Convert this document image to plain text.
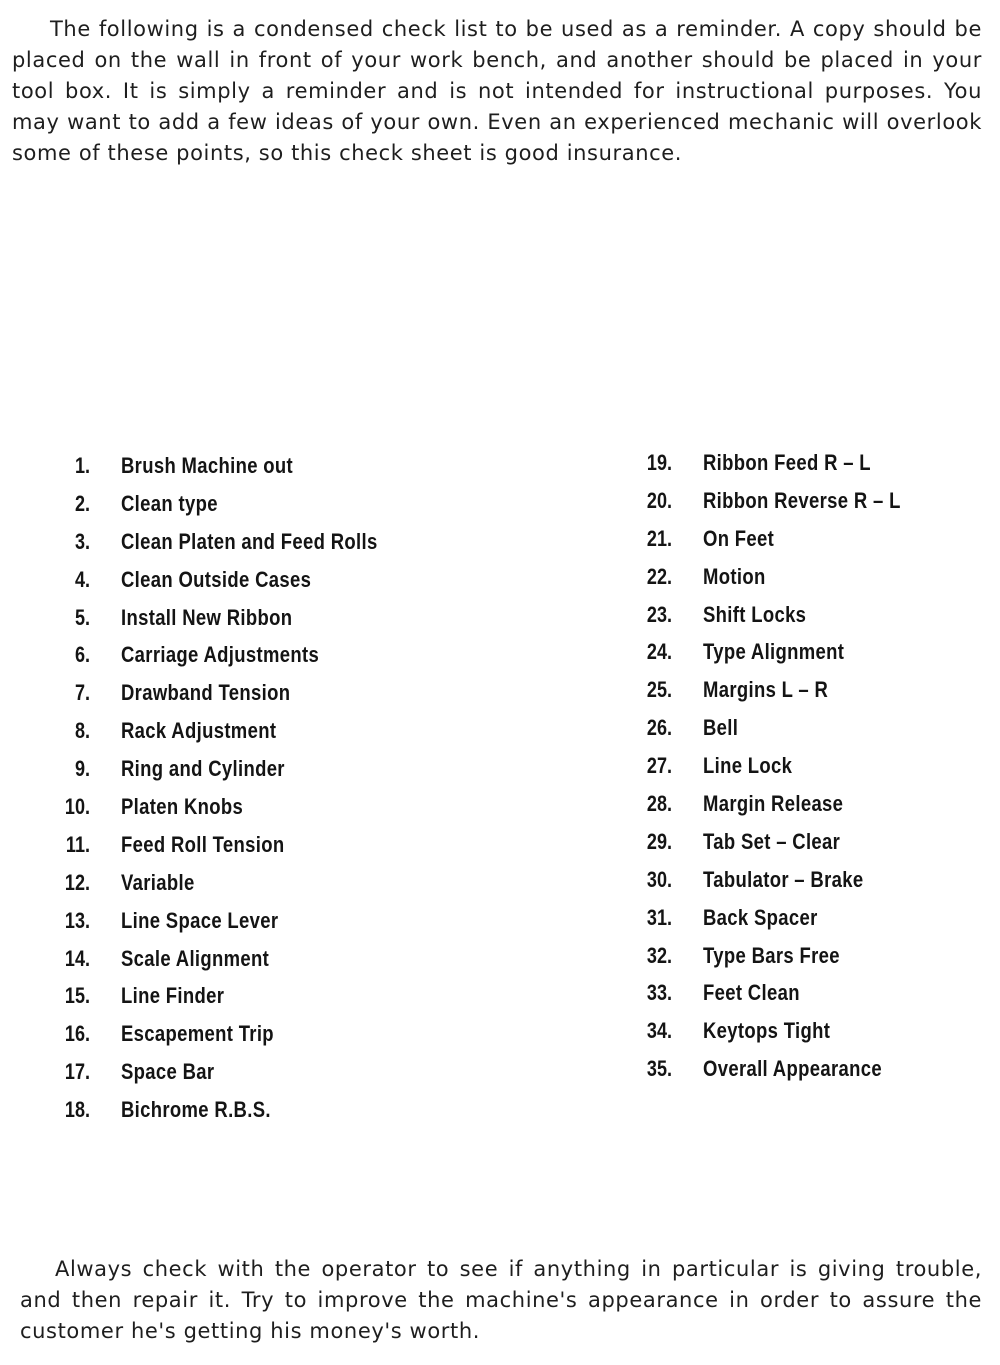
The following is a condensed check list to be used as a reminder. A copy should be placed on the wall in front of your work bench, and another should be placed in your tool box. It is simply a reminder and is not intended for instructional purposes. You may want to add a few ideas of your own. Even an experienced mechanic will overlook some of these points, so this check sheet is good insurance.

1. Brush Machine out
2. Clean type
3. Clean Platen and Feed Rolls
4. Clean Outside Cases
5. Install New Ribbon
6. Carriage Adjustments
7. Drawband Tension
8. Rack Adjustment
9. Ring and Cylinder
10. Platen Knobs
11. Feed Roll Tension
12. Variable
13. Line Space Lever
14. Scale Alignment
15. Line Finder
16. Escapement Trip
17. Space Bar
18. Bichrome R.B.S.
19. Ribbon Feed R – L
20. Ribbon Reverse R – L
21. On Feet
22. Motion
23. Shift Locks
24. Type Alignment
25. Margins L – R
26. Bell
27. Line Lock
28. Margin Release
29. Tab Set – Clear
30. Tabulator – Brake
31. Back Spacer
32. Type Bars Free
33. Feet Clean
34. Keytops Tight
35. Overall Appearance

Always check with the operator to see if anything in particular is giving trouble, and then repair it. Try to improve the machine's appearance in order to assure the customer he's getting his money's worth.
